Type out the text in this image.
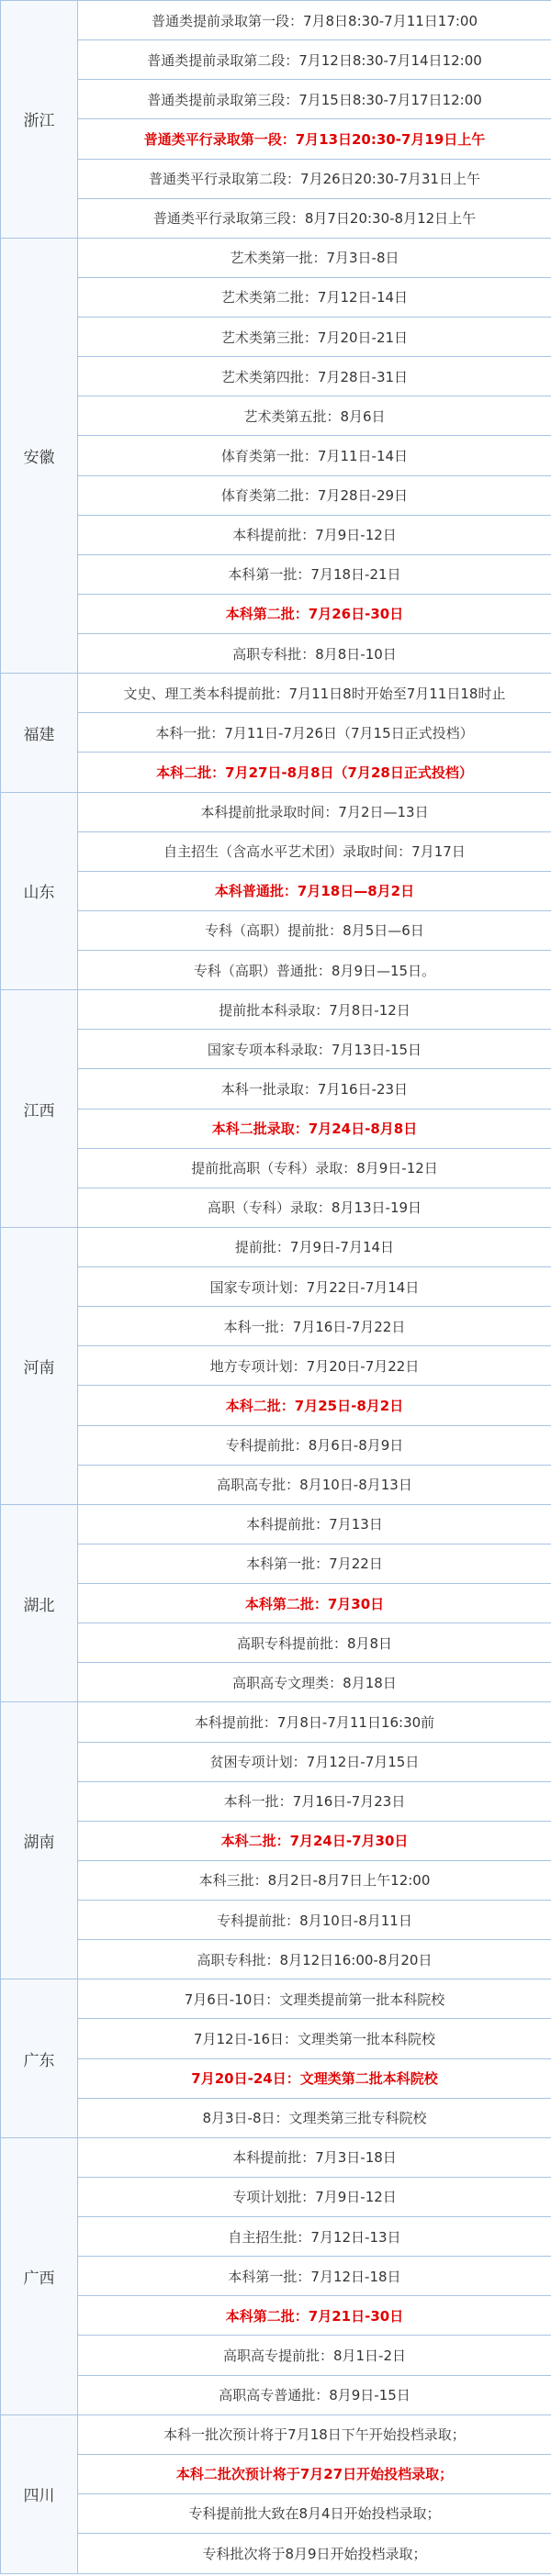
浙江	普通类提前录取第一段：7月8日8:30-7月11日17:00
	普通类提前录取第二段：7月12日8:30-7月14日12:00
	普通类提前录取第三段：7月15日8:30-7月17日12:00
	普通类平行录取第一段：7月13日20:30-7月19日上午
	普通类平行录取第二段：7月26日20:30-7月31日上午
	普通类平行录取第三段：8月7日20:30-8月12日上午
安徽	艺术类第一批：7月3日-8日
	艺术类第二批：7月12日-14日
	艺术类第三批：7月20日-21日
	艺术类第四批：7月28日-31日
	艺术类第五批：8月6日
	体育类第一批：7月11日-14日
	体育类第二批：7月28日-29日
	本科提前批：7月9日-12日
	本科第一批：7月18日-21日
	本科第二批：7月26日-30日
	高职专科批：8月8日-10日
福建	文史、理工类本科提前批：7月11日8时开始至7月11日18时止
	本科一批：7月11日-7月26日（7月15日正式投档）
	本科二批：7月27日-8月8日（7月28日正式投档）
山东	本科提前批录取时间：7月2日—13日
	自主招生（含高水平艺术团）录取时间：7月17日
	本科普通批：7月18日—8月2日
	专科（高职）提前批：8月5日—6日
	专科（高职）普通批：8月9日—15日。
江西	提前批本科录取：7月8日-12日
	国家专项本科录取：7月13日-15日
	本科一批录取：7月16日-23日
	本科二批录取：7月24日-8月8日
	提前批高职（专科）录取：8月9日-12日
	高职（专科）录取：8月13日-19日
河南	提前批：7月9日-7月14日
	国家专项计划：7月22日-7月14日
	本科一批：7月16日-7月22日
	地方专项计划：7月20日-7月22日
	本科二批：7月25日-8月2日
	专科提前批：8月6日-8月9日
	高职高专批：8月10日-8月13日
湖北	本科提前批：7月13日
	本科第一批：7月22日
	本科第二批：7月30日
	高职专科提前批：8月8日
	高职高专文理类：8月18日
湖南	本科提前批：7月8日-7月11日16:30前
	贫困专项计划：7月12日-7月15日
	本科一批：7月16日-7月23日
	本科二批：7月24日-7月30日
	本科三批：8月2日-8月7日上午12:00
	专科提前批：8月10日-8月11日
	高职专科批：8月12日16:00-8月20日
广东	7月6日-10日：文理类提前第一批本科院校
	7月12日-16日：文理类第一批本科院校
	7月20日-24日：文理类第二批本科院校
	8月3日-8日：文理类第三批专科院校
广西	本科提前批：7月3日-18日
	专项计划批：7月9日-12日
	自主招生批：7月12日-13日
	本科第一批：7月12日-18日
	本科第二批：7月21日-30日
	高职高专提前批：8月1日-2日
	高职高专普通批：8月9日-15日
四川	本科一批次预计将于7月18日下午开始投档录取；
	本科二批次预计将于7月27日开始投档录取；
	专科提前批大致在8月4日开始投档录取；
	专科批次将于8月9日开始投档录取；
